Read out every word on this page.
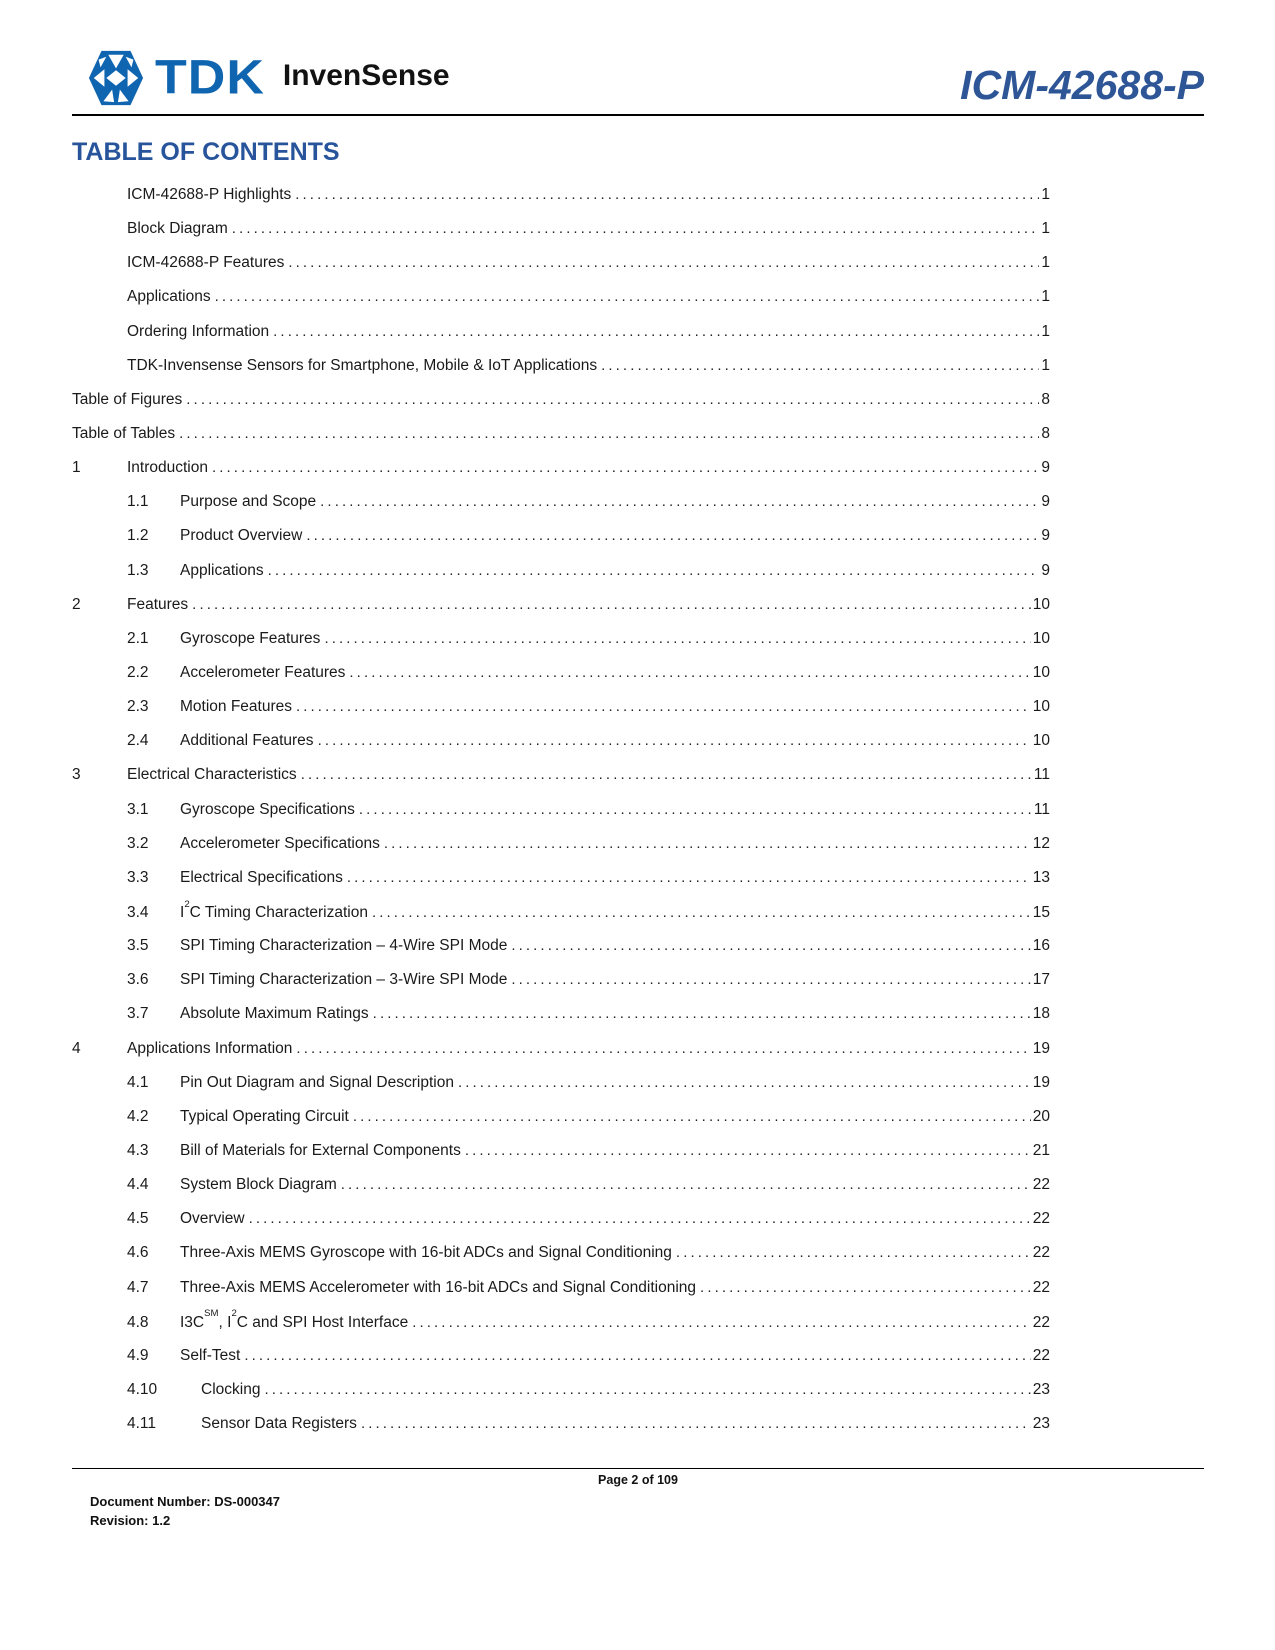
TDK InvenSense	ICM-42688-P
TABLE OF CONTENTS
ICM-42688-P Highlights .....	1
Block Diagram .....	1
ICM-42688-P Features .....	1
Applications .....	1
Ordering Information .....	1
TDK-Invensense Sensors for Smartphone, Mobile & IoT Applications .....	1
Table of Figures .....	8
Table of Tables .....	8
1	Introduction .....	9
1.1	Purpose and Scope .....	9
1.2	Product Overview .....	9
1.3	Applications .....	9
2	Features .....	10
2.1	Gyroscope Features .....	10
2.2	Accelerometer Features .....	10
2.3	Motion Features .....	10
2.4	Additional Features .....	10
3	Electrical Characteristics .....	11
3.1	Gyroscope Specifications .....	11
3.2	Accelerometer Specifications .....	12
3.3	Electrical Specifications .....	13
3.4	$I^2C$ Timing Characterization .....	15
3.5	SPI Timing Characterization – 4-Wire SPI Mode .....	16
3.6	SPI Timing Characterization – 3-Wire SPI Mode .....	17
3.7	Absolute Maximum Ratings .....	18
4	Applications Information .....	19
4.1	Pin Out Diagram and Signal Description .....	19
4.2	Typical Operating Circuit .....	20
4.3	Bill of Materials for External Components .....	21
4.4	System Block Diagram .....	22
4.5	Overview .....	22
4.6	Three-Axis MEMS Gyroscope with 16-bit ADCs and Signal Conditioning .....	22
4.7	Three-Axis MEMS Accelerometer with 16-bit ADCs and Signal Conditioning .....	22
4.8	I3C℠, $I^2C$ and SPI Host Interface .....	22
4.9	Self-Test .....	22
4.10	Clocking .....	23
4.11	Sensor Data Registers .....	23
Page 2 of 109
Document Number: DS-000347
Revision: 1.2
